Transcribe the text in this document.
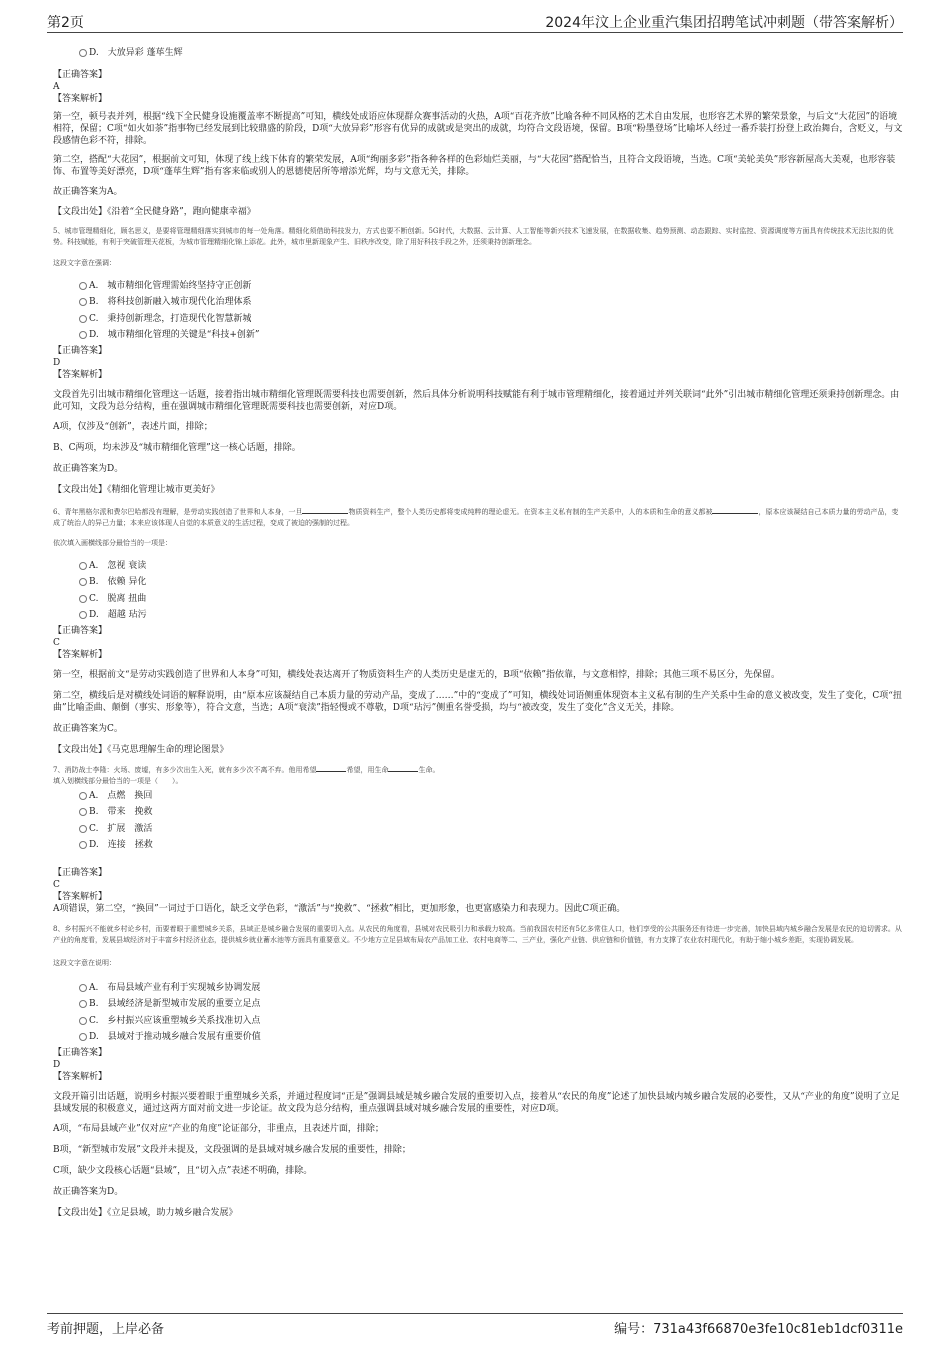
第2页	2024年汶上企业重汽集团招聘笔试冲刺题（带答案解析）
D.　大放异彩 蓬荜生辉

【正确答案】

A

【答案解析】

第一空，顿号表并列，根据“线下全民健身设施覆盖率不断提高”可知，横线处成语应体现群众赛事活动的火热，A项“百花齐放”比喻各种不同风格的艺术自由发展，也形容艺术界的繁荣景象，与后文“大花园”的语境相符，保留；C项“如火如荼”指事物已经发展到比较鼎盛的阶段，D项“大放异彩”形容有优异的成就或是突出的成就，均符合文段语境，保留。B项“粉墨登场”比喻坏人经过一番乔装打扮登上政治舞台，含贬义，与文段感情色彩不符，排除。

第二空，搭配“大花园”，根据前文可知，体现了线上线下体育的繁荣发展，A项“绚丽多彩”指各种各样的色彩灿烂美丽，与“大花园”搭配恰当，且符合文段语境，当选。C项“美轮美奂”形容新屋高大美观，也形容装饰、布置等美好漂亮，D项“蓬荜生辉”指有客来临或别人的恩德使居所等增添光辉，均与文意无关，排除。

故正确答案为A。

【文段出处】《沿着“全民健身路”，跑向健康幸福》

5、城市管理精细化，顾名思义，是要将管理精细落实到城市的每一处角落。精细化须借助科技发力，方式也要不断创新。5G时代，大数据、云计算、人工智能等新兴技术飞速发展，在数据收集、趋势预测、动态跟踪、实时监控、资源调度等方面具有传统技术无法比拟的优势。科技赋能，有利于突破管理天花板，为城市管理精细化锦上添花。此外，城市里新现象产生、旧秩序改变，除了用好科技手段之外，还须秉持创新理念。

这段文字意在强调：

A.　城市精细化管理需始终坚持守正创新
B.　将科技创新融入城市现代化治理体系
C.　秉持创新理念，打造现代化智慧新城
D.　城市精细化管理的关键是“科技+创新”

【正确答案】

D

【答案解析】

文段首先引出城市精细化管理这一话题，接着指出城市精细化管理既需要科技也需要创新，然后具体分析说明科技赋能有利于城市管理精细化，接着通过并列关联词“此外”引出城市精细化管理还须秉持创新理念。由此可知，文段为总分结构，重在强调城市精细化管理既需要科技也需要创新，对应D项。

A项，仅涉及“创新”，表述片面，排除；

B、C两项，均未涉及“城市精细化管理”这一核心话题，排除。

故正确答案为D。

【文段出处】《精细化管理让城市更美好》

6、青年黑格尔派和费尔巴哈都没有理解，是劳动实践创造了世界和人本身，一旦	物质资料生产，整个人类历史都将变成纯粹的理论虚无。在资本主义私有制的生产关系中，人的本质和生命的意义都被	，原本应该凝结自己本质力量的劳动产品，变成了统治人的异己力量；本来应该体现人自觉的本质意义的生活过程，变成了被迫的强制的过程。

依次填入画横线部分最恰当的一项是：

A.　忽视 衰读
B.　依赖 异化
C.　脱离 扭曲
D.　超越 玷污

【正确答案】

C

【答案解析】

第一空，根据前文“是劳动实践创造了世界和人本身”可知，横线处表达离开了物质资料生产的人类历史是虚无的，B项“依赖”指依靠，与文意相悖，排除；其他三项不易区分，先保留。

第二空，横线后是对横线处词语的解释说明，由“原本应该凝结自己本质力量的劳动产品，变成了……”中的“变成了”可知，横线处词语侧重体现资本主义私有制的生产关系中生命的意义被改变，发生了变化，C项“扭曲”比喻歪曲、颠倒（事实、形象等），符合文意，当选；A项“衰渎”指轻慢或不尊敬，D项“玷污”侧重名誉受损，均与“被改变，发生了变化”含义无关，排除。

故正确答案为C。

【文段出处】《马克思理解生命的理论图景》

7、消防战士李隆：火场、废墟，有多少次出生入死，就有多少次不离不弃。他用希望	希望，用生命	生命。

填入划横线部分最恰当的一项是（　　）。

A.　点燃　换回
B.　带来　挽救
C.　扩展　激活
D.　连接　拯救

【正确答案】

C

【答案解析】

A项错误，第二空，“换回”一词过于口语化，缺乏文学色彩，“激活”与“挽救”、“拯救”相比，更加形象，也更富感染力和表现力。因此C项正确。

8、乡村振兴不能就乡村论乡村，而要着眼于重塑城乡关系，县域正是城乡融合发展的重要切入点。从农民的角度看，县城对农民吸引力和承载力较高。当前我国农村还有5亿多常住人口，他们享受的公共服务还有待进一步完善，加快县域内城乡融合发展是农民的迫切需求。从产业的角度看，发展县域经济对于丰富乡村经济业态，提供城乡就业蓄水池等方面具有重要意义。不少地方立足县域布局农产品加工业、农村电商等二、三产业，强化产业链、供应链和价值链，有力支撑了农业农村现代化，有助于缩小城乡差距，实现协调发展。

这段文字意在说明：

A.　布局县域产业有利于实现城乡协调发展
B.　县域经济是新型城市发展的重要立足点
C.　乡村振兴应该重塑城乡关系找准切入点
D.　县域对于推动城乡融合发展有重要价值

【正确答案】

D

【答案解析】

文段开篇引出话题，说明乡村振兴要着眼于重塑城乡关系，并通过程度词“正是”强调县域是城乡融合发展的重要切入点，接着从“农民的角度”论述了加快县域内城乡融合发展的必要性，又从“产业的角度”说明了立足县域发展的积极意义，通过这两方面对前文进一步论证。故文段为总分结构，重点强调县域对城乡融合发展的重要性，对应D项。

A项，“布局县域产业”仅对应“产业的角度”论证部分，非重点，且表述片面，排除；

B项，“新型城市发展”文段并未提及，文段强调的是县域对城乡融合发展的重要性，排除；

C项，缺少文段核心话题“县域”，且“切入点”表述不明确，排除。

故正确答案为D。

【文段出处】《立足县域，助力城乡融合发展》

考前押题，上岸必备	编号：731a43f66870e3fe10c81eb1dcf0311e
